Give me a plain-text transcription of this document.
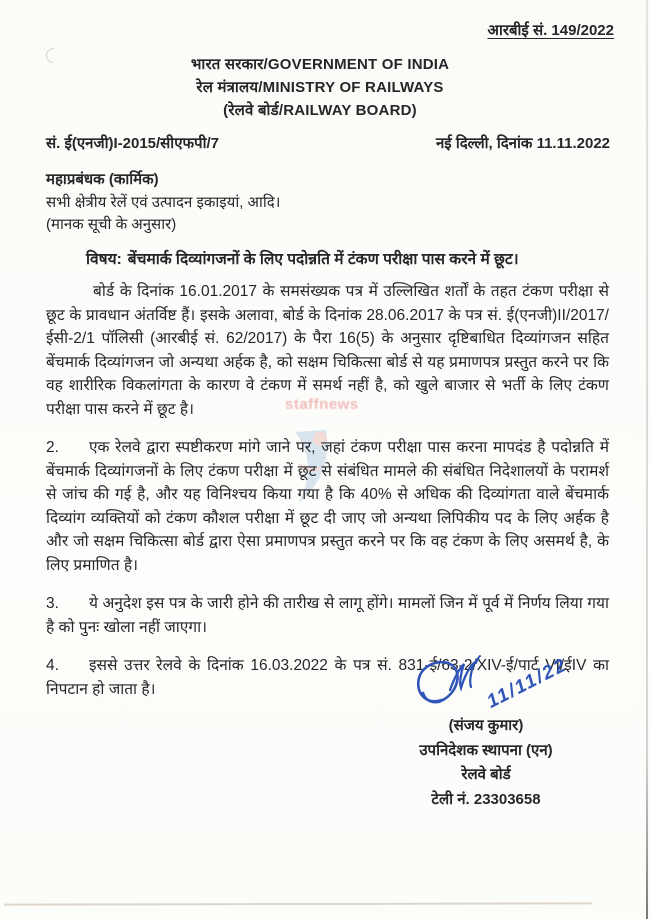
आरबीई सं. 149/2022
भारत सरकार/GOVERNMENT OF INDIA
रेल मंत्रालय/MINISTRY OF RAILWAYS
(रेलवे बोर्ड/RAILWAY BOARD)
सं. ई(एनजी)I-2015/सीएफपी/7	नई दिल्ली, दिनांक 11.11.2022
महाप्रबंधक (कार्मिक)
सभी क्षेत्रीय रेलें एवं उत्पादन इकाइयां, आदि।
(मानक सूची के अनुसार)
विषय: बेंचमार्क दिव्यांगजनों के लिए पदोन्नति में टंकण परीक्षा पास करने में छूट।
staffnews

बोर्ड के दिनांक 16.01.2017 के समसंख्यक पत्र में उल्लिखित शर्तों के तहत टंकण परीक्षा से छूट के प्रावधान अंतर्विष्ट हैं। इसके अलावा, बोर्ड के दिनांक 28.06.2017 के पत्र सं. ई(एनजी)II/2017/ईसी-2/1 पॉलिसी (आरबीई सं. 62/2017) के पैरा 16(5) के अनुसार दृष्टिबाधित दिव्यांगजन सहित बेंचमार्क दिव्यांगजन जो अन्यथा अर्हक है, को सक्षम चिकित्सा बोर्ड से यह प्रमाणपत्र प्रस्तुत करने पर कि वह शारीरिक विकलांगता के कारण वे टंकण में समर्थ नहीं है, को खुले बाजार से भर्ती के लिए टंकण परीक्षा पास करने में छूट है।

2. एक रेलवे द्वारा स्पष्टीकरण मांगे जाने पर, जहां टंकण परीक्षा पास करना मापदंड है पदोन्नति में बेंचमार्क दिव्यांगजनों के लिए टंकण परीक्षा में छूट से संबंधित मामले की संबंधित निदेशालयों के परामर्श से जांच की गई है, और यह विनिश्चय किया गया है कि 40% से अधिक की दिव्यांगता वाले बेंचमार्क दिव्यांग व्यक्तियों को टंकण कौशल परीक्षा में छूट दी जाए जो अन्यथा लिपिकीय पद के लिए अर्हक है और जो सक्षम चिकित्सा बोर्ड द्वारा ऐसा प्रमाणपत्र प्रस्तुत करने पर कि वह टंकण के लिए असमर्थ है, के लिए प्रमाणित है।

3. ये अनुदेश इस पत्र के जारी होने की तारीख से लागू होंगे। मामलों जिन में पूर्व में निर्णय लिया गया है को पुनः खोला नहीं जाएगा।

4. इससे उत्तर रेलवे के दिनांक 16.03.2022 के पत्र सं. 831-ई/63-2/XIV-ई/पार्ट VI/ईIV का निपटान हो जाता है।	11/11/22
(संजय कुमार)
उपनिदेशक स्थापना (एन)
रेलवे बोर्ड
टेली नं. 23303658
